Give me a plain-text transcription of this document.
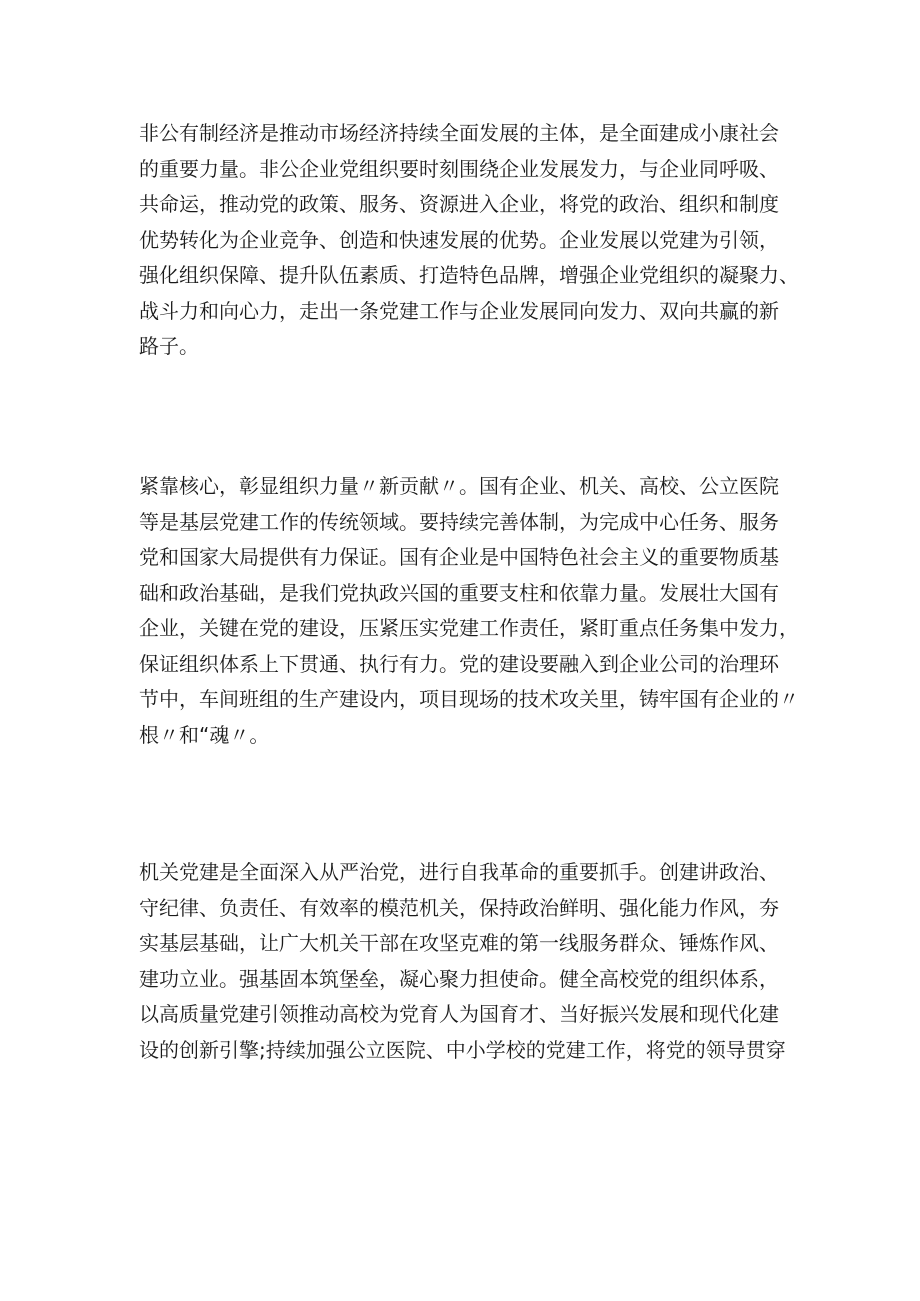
非公有制经济是推动市场经济持续全面发展的主体，是全面建成小康社会
的重要力量。非公企业党组织要时刻围绕企业发展发力，与企业同呼吸、
共命运，推动党的政策、服务、资源进入企业，将党的政治、组织和制度
优势转化为企业竞争、创造和快速发展的优势。企业发展以党建为引领，
强化组织保障、提升队伍素质、打造特色品牌，增强企业党组织的凝聚力、
战斗力和向心力，走出一条党建工作与企业发展同向发力、双向共赢的新
路子。

紧靠核心，彰显组织力量〃新贡献〃。国有企业、机关、高校、公立医院
等是基层党建工作的传统领域。要持续完善体制，为完成中心任务、服务
党和国家大局提供有力保证。国有企业是中国特色社会主义的重要物质基
础和政治基础，是我们党执政兴国的重要支柱和依靠力量。发展壮大国有
企业，关键在党的建设，压紧压实党建工作责任，紧盯重点任务集中发力，
保证组织体系上下贯通、执行有力。党的建设要融入到企业公司的治理环
节中，车间班组的生产建设内，项目现场的技术攻关里，铸牢国有企业的〃
根〃和“魂〃。

机关党建是全面深入从严治党，进行自我革命的重要抓手。创建讲政治、
守纪律、负责任、有效率的模范机关，保持政治鲜明、强化能力作风，夯
实基层基础，让广大机关干部在攻坚克难的第一线服务群众、锤炼作风、
建功立业。强基固本筑堡垒，凝心聚力担使命。健全高校党的组织体系，
以高质量党建引领推动高校为党育人为国育才、当好振兴发展和现代化建
设的创新引擎;持续加强公立医院、中小学校的党建工作，将党的领导贯穿
